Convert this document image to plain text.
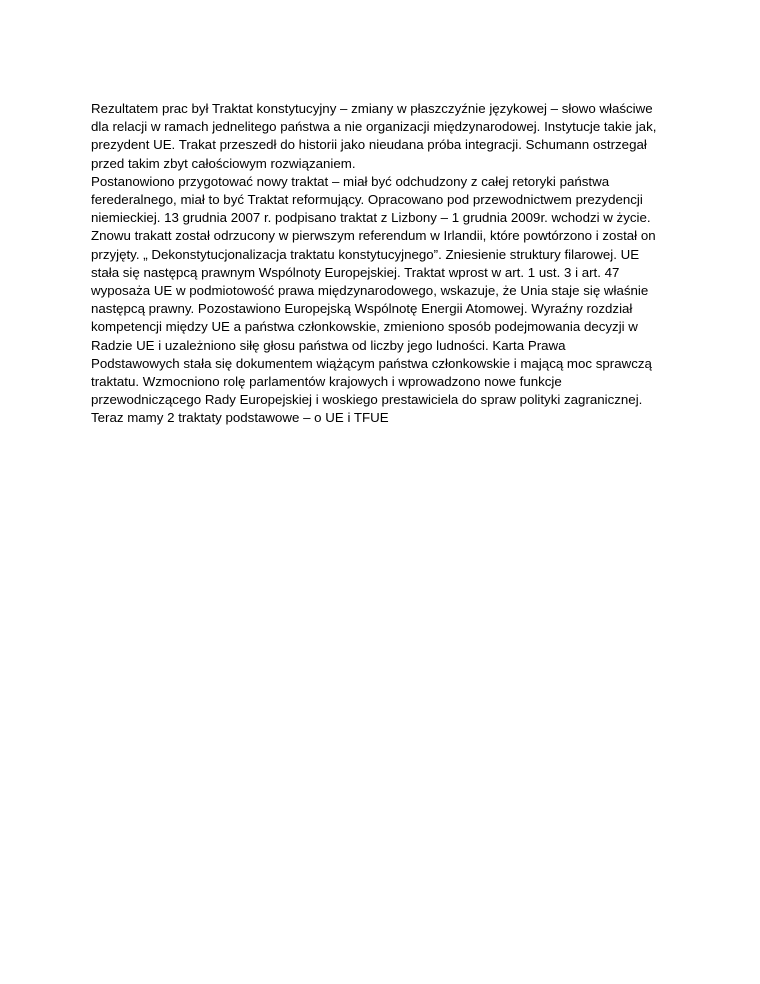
Rezultatem prac był Traktat konstytucyjny – zmiany w płaszczyźnie językowej – słowo właściwe
dla relacji w ramach jednelitego państwa a nie organizacji międzynarodowej. Instytucje takie jak,
prezydent UE. Trakat przeszedł do historii jako nieudana próba integracji. Schumann ostrzegał
przed takim zbyt całościowym rozwiązaniem.
Postanowiono przygotować nowy traktat – miał być odchudzony z całej retoryki państwa
ferederalnego, miał to być Traktat reformujący. Opracowano pod przewodnictwem prezydencji
niemieckiej. 13 grudnia 2007 r. podpisano traktat z Lizbony – 1 grudnia 2009r. wchodzi w życie.
Znowu trakatt został odrzucony w pierwszym referendum w Irlandii, które powtórzono i został on
przyjęty. „ Dekonstytucjonalizacja traktatu konstytucyjnego”. Zniesienie struktury filarowej. UE
stała się następcą prawnym Wspólnoty Europejskiej. Traktat wprost w art. 1 ust. 3 i art. 47
wyposaża UE w podmiotowość prawa międzynarodowego, wskazuje, że Unia staje się właśnie
następcą prawny. Pozostawiono Europejską Wspólnotę Energii Atomowej. Wyraźny rozdział
kompetencji między UE a państwa członkowskie, zmieniono sposób podejmowania decyzji w
Radzie UE i uzależniono siłę głosu państwa od liczby jego ludności. Karta Prawa
Podstawowych stała się dokumentem wiążącym państwa członkowskie i mającą moc sprawczą
traktatu. Wzmocniono rolę parlamentów krajowych i wprowadzono nowe funkcje
przewodniczącego Rady Europejskiej i woskiego prestawiciela do spraw polityki zagranicznej.
Teraz mamy 2 traktaty podstawowe – o UE i TFUE
